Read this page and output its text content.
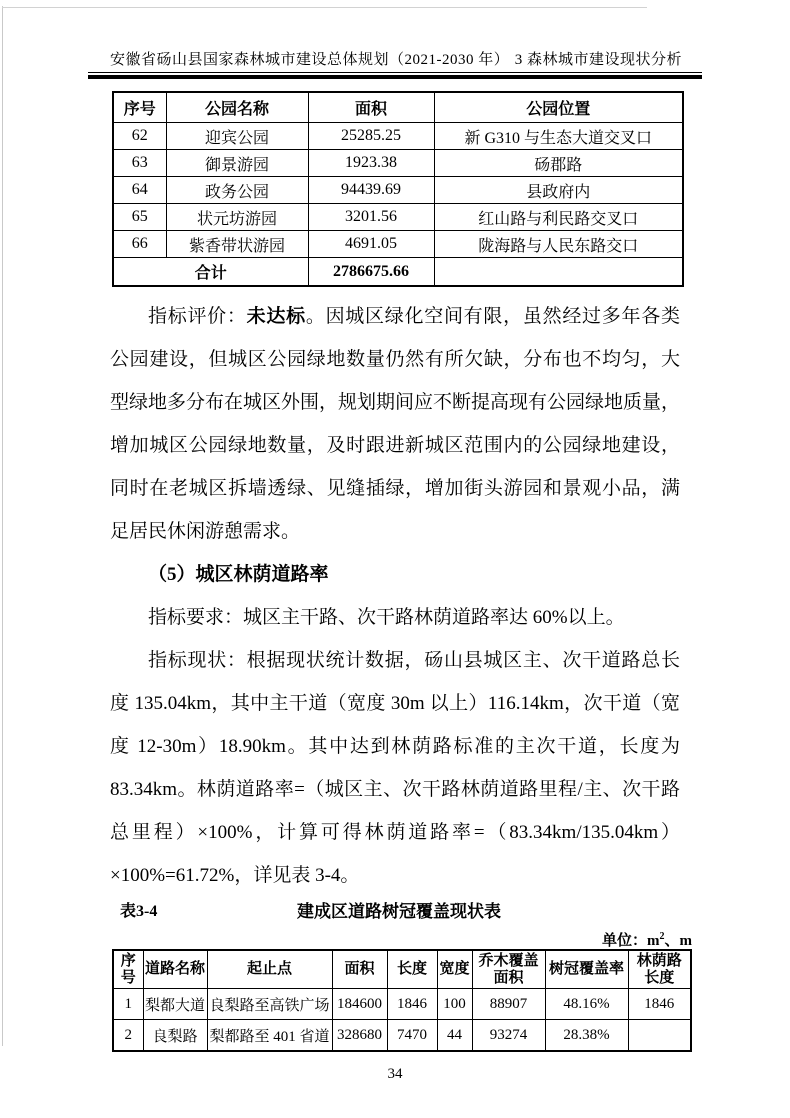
安徽省砀山县国家森林城市建设总体规划（2021-2030 年） 3 森林城市建设现状分析
序号	公园名称	面积	公园位置
62	迎宾公园	25285.25	新 G310 与生态大道交叉口
63	御景游园	1923.38	砀郡路
64	政务公园	94439.69	县政府内
65	状元坊游园	3201.56	红山路与利民路交叉口
66	紫香带状游园	4691.05	陇海路与人民东路交口
合计		2786675.66	
指标评价：未达标。因城区绿化空间有限，虽然经过多年各类
公园建设，但城区公园绿地数量仍然有所欠缺，分布也不均匀，大
型绿地多分布在城区外围，规划期间应不断提高现有公园绿地质量，
增加城区公园绿地数量，及时跟进新城区范围内的公园绿地建设，
同时在老城区拆墙透绿、见缝插绿，增加街头游园和景观小品，满
足居民休闲游憩需求。
（5）城区林荫道路率
指标要求：城区主干路、次干路林荫道路率达 60%以上。
指标现状：根据现状统计数据，砀山县城区主、次干道路总长
度 135.04km，其中主干道（宽度 30m 以上）116.14km，次干道（宽
度 12-30m）18.90km。其中达到林荫路标准的主次干道，长度为
83.34km。林荫道路率=（城区主、次干路林荫道路里程/主、次干路
总里程）×100%，计算可得林荫道路率=（83.34km/135.04km）
×100%=61.72%，详见表 3-4。
表3-4	建成区道路树冠覆盖现状表
单位：$m^2$、m
序号	道路名称	起止点	面积	长度	宽度	乔木覆盖面积	树冠覆盖率	林荫路长度
1	梨都大道	良梨路至高铁广场	184600	1846	100	88907	48.16%	1846
2	良梨路	梨都路至 401 省道	328680	7470	44	93274	28.38%	
34
